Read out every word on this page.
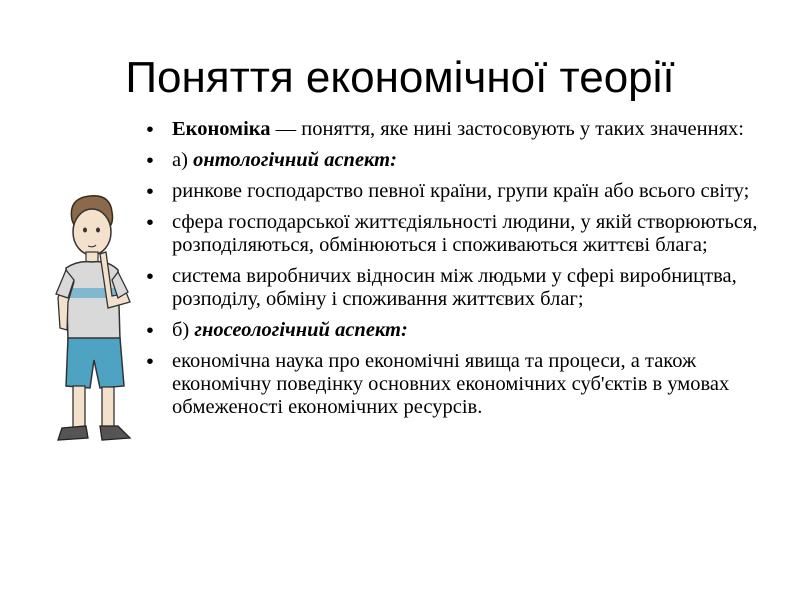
Поняття економічної теорії
• Економіка — поняття, яке нині застосовують у таких значеннях:
• а) онтологічний аспект:
• ринкове господарство певної країни, групи країн або всього світу;
• сфера господарської життєдіяльності людини, у якій створюються, розподіляються, обмінюються і споживаються життєві блага;
• система виробничих відносин між людьми у сфері виробництва, розподілу, обміну і споживання життєвих благ;
• б) гносеологічний аспект:
• економічна наука про економічні явища та процеси, а також економічну поведінку основних економічних суб'єктів в умовах обмеженості економічних ресурсів.
